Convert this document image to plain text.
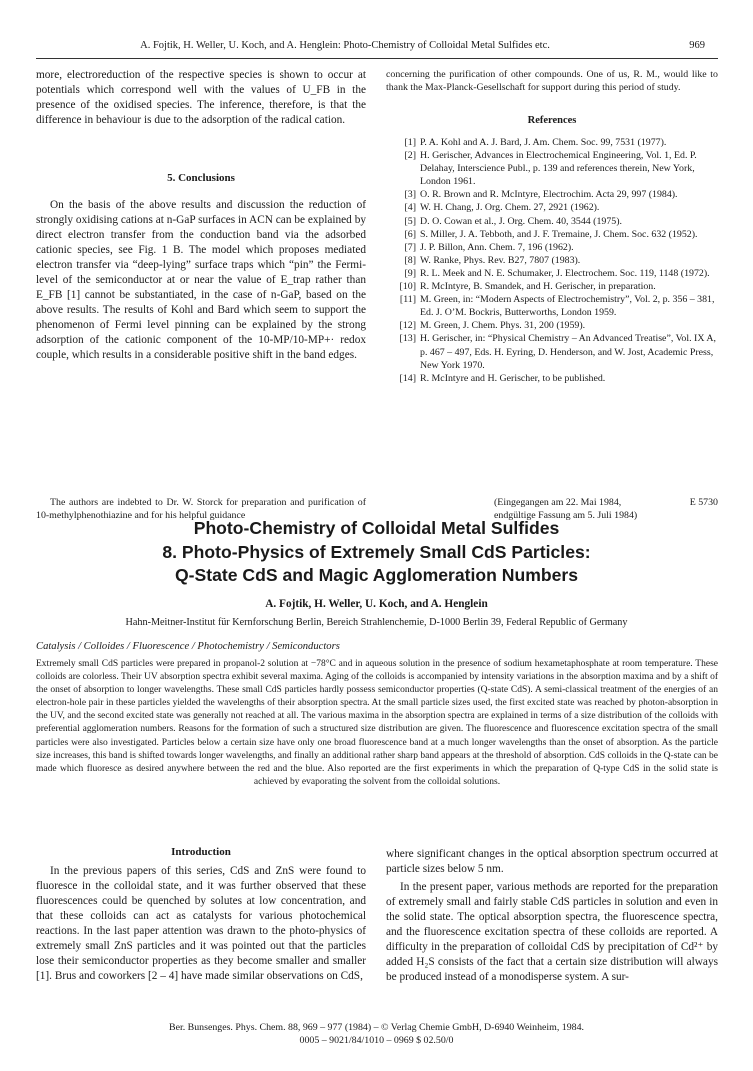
A. Fojtik, H. Weller, U. Koch, and A. Henglein: Photo-Chemistry of Colloidal Metal Sulfides etc.	969

more, electroreduction of the respective species is shown to occur at potentials which correspond well with the values of U_FB in the presence of the oxidised species. The inference, therefore, is that the difference in behaviour is due to the adsorption of the radical cation.

5. Conclusions

On the basis of the above results and discussion the reduction of strongly oxidising cations at n-GaP surfaces in ACN can be explained by direct electron transfer from the conduction band via the adsorbed cationic species, see Fig. 1 B. The model which proposes mediated electron transfer via “deep-lying” surface traps which “pin” the Fermi-level of the semiconductor at or near the value of E_trap rather than E_FB [1] cannot be substantiated, in the case of n-GaP, based on the above results. The results of Kohl and Bard which seem to support the phenomenon of Fermi level pinning can be explained by the strong adsorption of the cationic component of the 10-MP/10-MP+· redox couple, which results in a considerable positive shift in the band edges.

The authors are indebted to Dr. W. Storck for preparation and purification of 10-methylphenothiazine and for his helpful guidance

concerning the purification of other compounds. One of us, R. M., would like to thank the Max-Planck-Gesellschaft for support during this period of study.

References
[1] P. A. Kohl and A. J. Bard, J. Am. Chem. Soc. 99, 7531 (1977).
[2] H. Gerischer, Advances in Electrochemical Engineering, Vol. 1, Ed. P. Delahay, Interscience Publ., p. 139 and references therein, New York, London 1961.
[3] O. R. Brown and R. McIntyre, Electrochim. Acta 29, 997 (1984).
[4] W. H. Chang, J. Org. Chem. 27, 2921 (1962).
[5] D. O. Cowan et al., J. Org. Chem. 40, 3544 (1975).
[6] S. Miller, J. A. Tebboth, and J. F. Tremaine, J. Chem. Soc. 632 (1952).
[7] J. P. Billon, Ann. Chem. 7, 196 (1962).
[8] W. Ranke, Phys. Rev. B27, 7807 (1983).
[9] R. L. Meek and N. E. Schumaker, J. Electrochem. Soc. 119, 1148 (1972).
[10] R. McIntyre, B. Smandek, and H. Gerischer, in preparation.
[11] M. Green, in: “Modern Aspects of Electrochemistry”, Vol. 2, p. 356 – 381, Ed. J. O’M. Bockris, Butterworths, London 1959.
[12] M. Green, J. Chem. Phys. 31, 200 (1959).
[13] H. Gerischer, in: “Physical Chemistry – An Advanced Treatise”, Vol. IX A, p. 467 – 497, Eds. H. Eyring, D. Henderson, and W. Jost, Academic Press, New York 1970.
[14] R. McIntyre and H. Gerischer, to be published.
(Eingegangen am 22. Mai 1984,	E 5730
endgültige Fassung am 5. Juli 1984)
Photo-Chemistry of Colloidal Metal Sulfides
8. Photo-Physics of Extremely Small CdS Particles:
Q-State CdS and Magic Agglomeration Numbers
A. Fojtik, H. Weller, U. Koch, and A. Henglein
Hahn-Meitner-Institut für Kernforschung Berlin, Bereich Strahlenchemie, D-1000 Berlin 39, Federal Republic of Germany
Catalysis / Colloides / Fluorescence / Photochemistry / Semiconductors

Extremely small CdS particles were prepared in propanol-2 solution at −78°C and in aqueous solution in the presence of sodium hexametaphosphate at room temperature. These colloids are colorless. Their UV absorption spectra exhibit several maxima. Aging of the colloids is accompanied by intensity variations in the absorption maxima and by a shift of the onset of absorption to longer wavelengths. These small CdS particles hardly possess semiconductor properties (Q-state CdS). A semi-classical treatment of the energies of an electron-hole pair in these particles yielded the wavelengths of their absorption spectra. At the small particle sizes used, the first excited state was reached by photon-absorption in the UV, and the second excited state was generally not reached at all. The various maxima in the absorption spectra are explained in terms of a size distribution of the colloids with preferential agglomeration numbers. Reasons for the formation of such a structured size distribution are given. The fluorescence and fluorescence excitation spectra of the small particles were also investigated. Particles below a certain size have only one broad fluorescence band at a much longer wavelengths than the onset of absorption. As the particle size increases, this band is shifted towards longer wavelengths, and finally an additional rather sharp band appears at the threshold of absorption. CdS colloids in the Q-state can be made which fluoresce as desired anywhere between the red and the blue. Also reported are the first experiments in which the preparation of Q-type CdS in the solid state is achieved by evaporating the solvent from the colloidal solutions.

Introduction

In the previous papers of this series, CdS and ZnS were found to fluoresce in the colloidal state, and it was further observed that these fluorescences could be quenched by solutes at low concentration, and that these colloids can act as catalysts for various photochemical reactions. In the last paper attention was drawn to the photo-physics of extremely small ZnS particles and it was pointed out that the particles lose their semiconductor properties as they become smaller and smaller [1]. Brus and coworkers [2 – 4] have made similar observations on CdS,

where significant changes in the optical absorption spectrum occurred at particle sizes below 5 nm.

In the present paper, various methods are reported for the preparation of extremely small and fairly stable CdS particles in solution and even in the solid state. The optical absorption spectra, the fluorescence spectra, and the fluorescence excitation spectra of these colloids are reported. A difficulty in the preparation of colloidal CdS by precipitation of Cd²⁺ by added H₂S consists of the fact that a certain size distribution will always be produced instead of a monodisperse system. A sur-

Ber. Bunsenges. Phys. Chem. 88, 969 – 977 (1984) – © Verlag Chemie GmbH, D-6940 Weinheim, 1984.
0005 – 9021/84/1010 – 0969 $ 02.50/0
